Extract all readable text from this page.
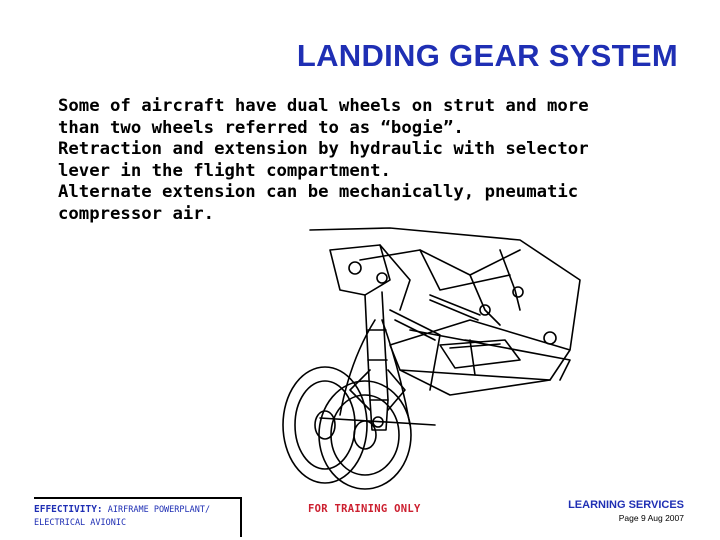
LANDING GEAR SYSTEM
Some of aircraft have dual wheels on strut and more
than two wheels referred to as “bogie”.
Retraction and extension by hydraulic with selector
lever in the flight compartment.
Alternate extension can be mechanically, pneumatic
compressor air.
EFFECTIVITY: AIRFRAME POWERPLANT/
ELECTRICAL AVIONIC
FOR TRAINING ONLY	LEARNING SERVICES
Page 9 Aug 2007
